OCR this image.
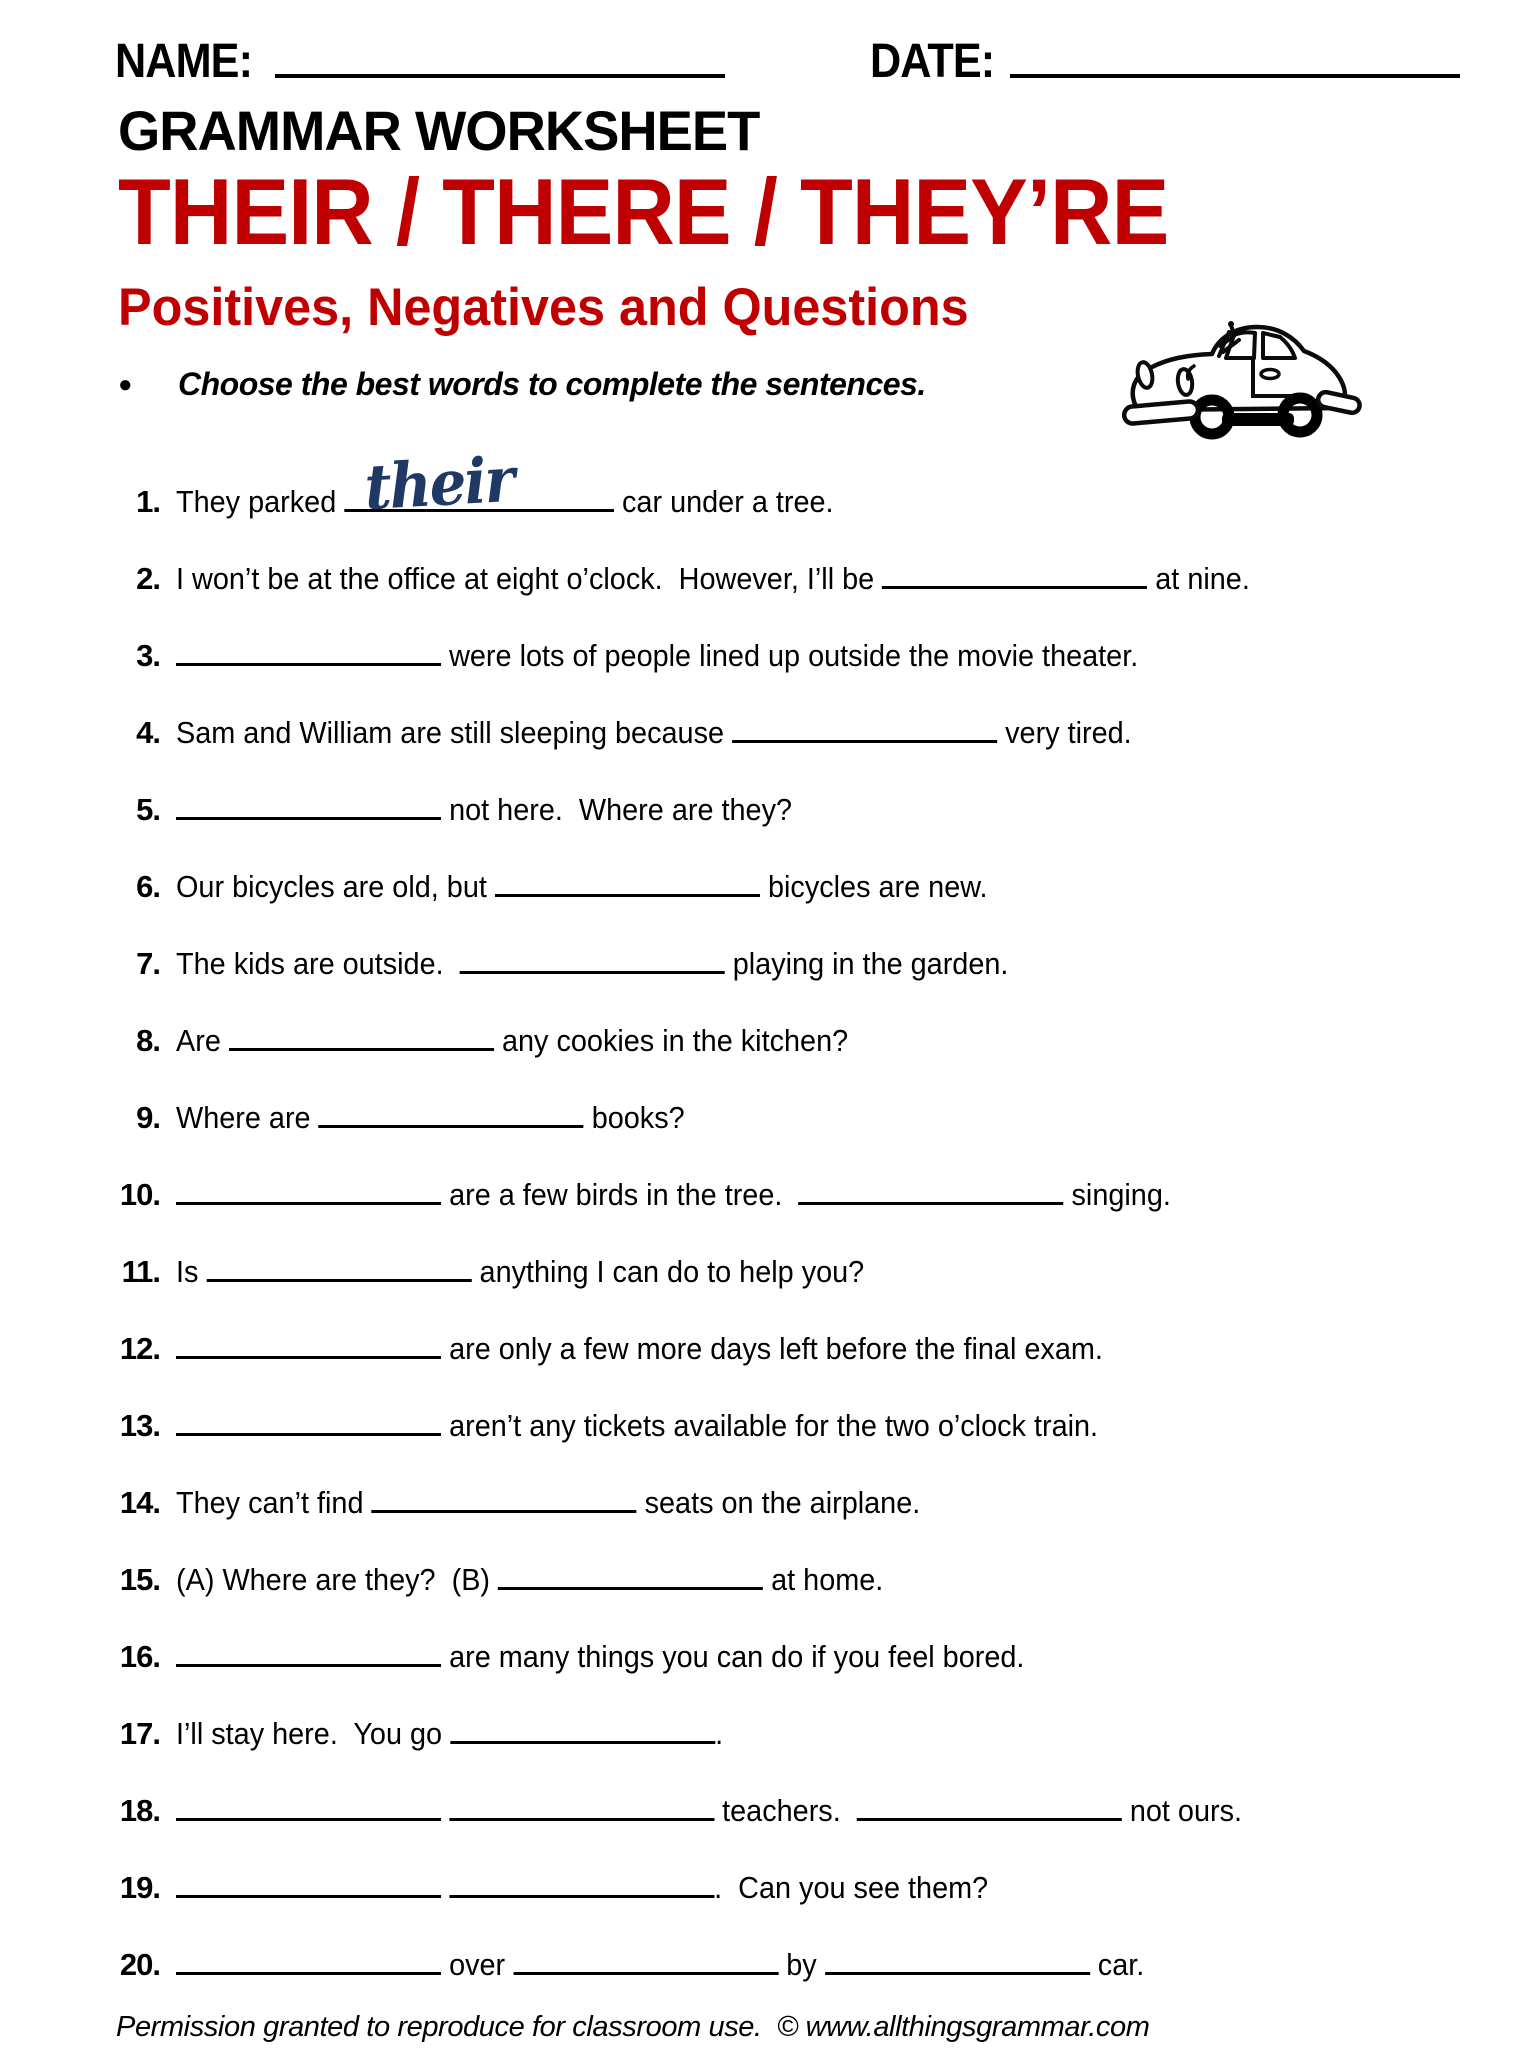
NAME:	DATE:
GRAMMAR WORKSHEET
THEIR / THERE / THEY’RE
Positives, Negatives and Questions
● Choose the best words to complete the sentences.
1. They parked their	car under a tree.
2. I won’t be at the office at eight o’clock.  However, I’ll be	at nine.
3.	were lots of people lined up outside the movie theater.
4. Sam and William are still sleeping because	very tired.
5.	not here.  Where are they?
6. Our bicycles are old, but	bicycles are new.
7. The kids are outside.	playing in the garden.
8. Are	any cookies in the kitchen?
9. Where are	books?
10.	are a few birds in the tree.	singing.
11. Is	anything I can do to help you?
12.	are only a few more days left before the final exam.
13.	aren’t any tickets available for the two o’clock train.
14. They can’t find	seats on the airplane.
15. (A) Where are they?  (B)	at home.
16.	are many things you can do if you feel bored.
17. I’ll stay here.  You go	.
18.	teachers.	not ours.
19.	.  Can you see them?
20.	over	by	car.
Permission granted to reproduce for classroom use.  © www.allthingsgrammar.com
